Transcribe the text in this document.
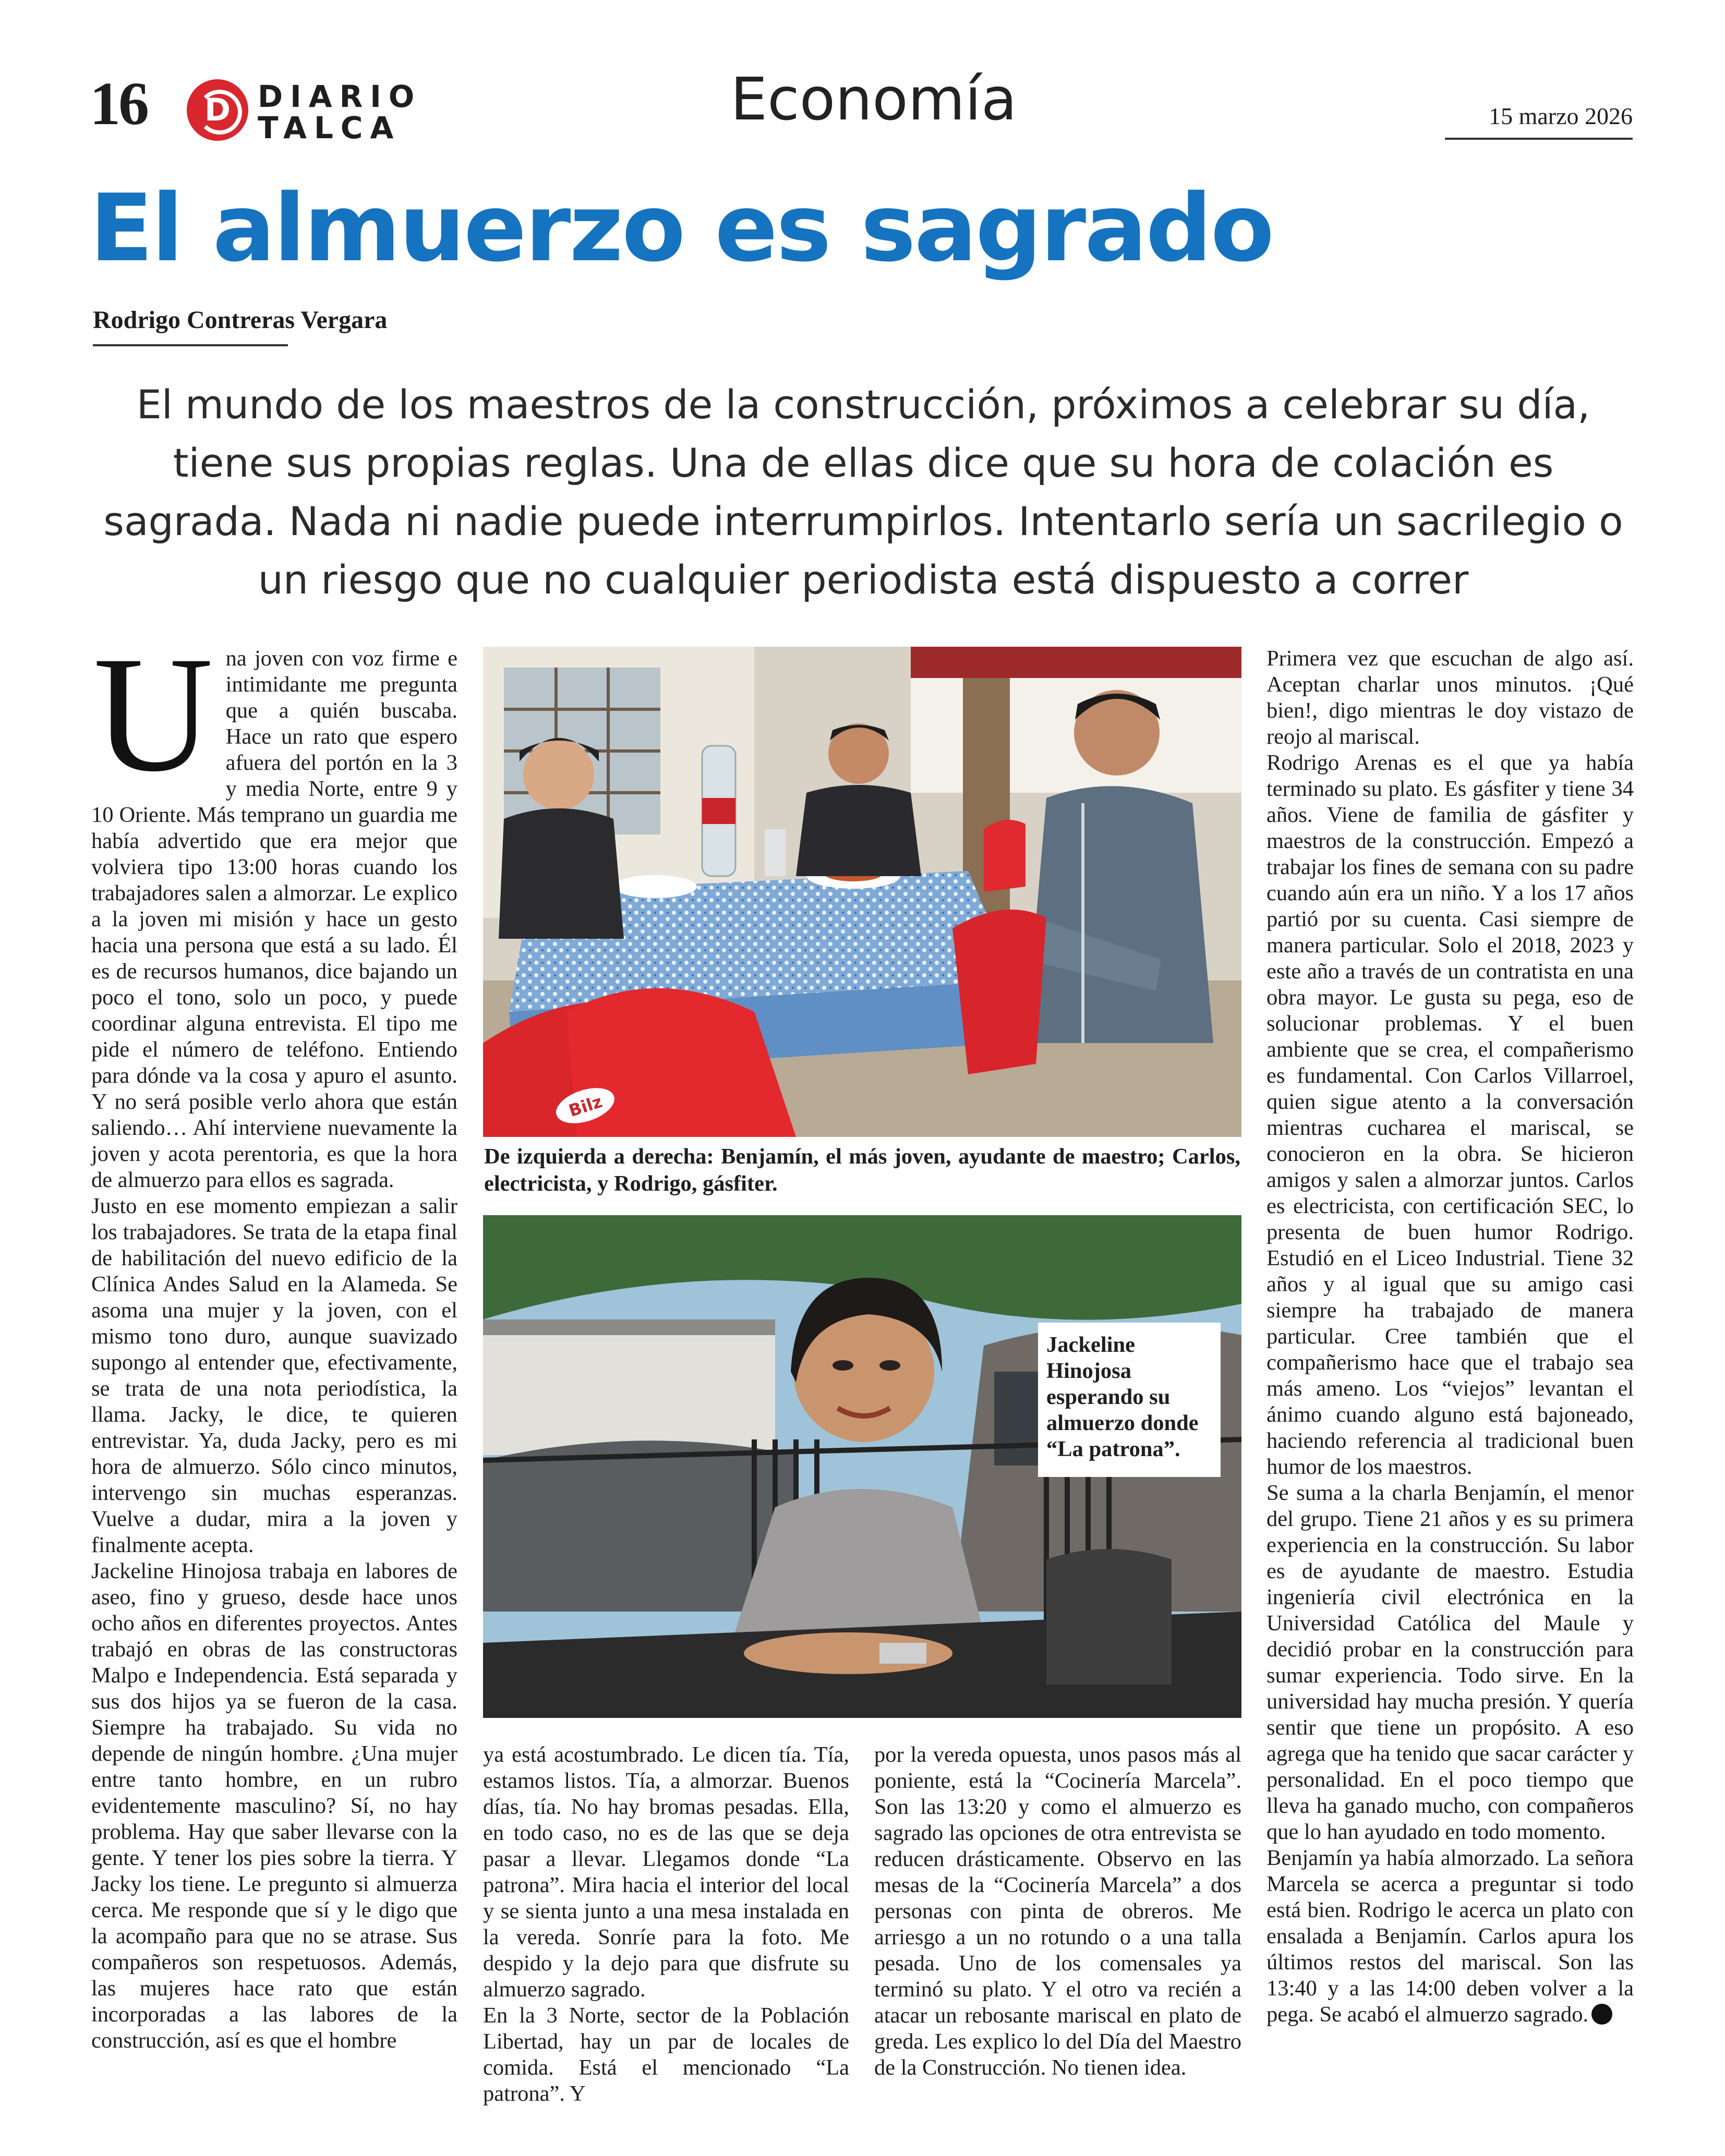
16	D DIARIO
TALCA	Economía	15 marzo 2026
El almuerzo es sagrado
Rodrigo Contreras Vergara

El mundo de los maestros de la construcción, próximos a celebrar su día, tiene sus propias reglas. Una de ellas dice que su hora de colación es sagrada. Nada ni nadie puede interrumpirlos. Intentarlo sería un sacrilegio o un riesgo que no cualquier periodista está dispuesto a correr

Una joven con voz firme e intimidante me pregunta que a quién buscaba. Hace un rato que espero afuera del portón en la 3 y media Norte, entre 9 y 10 Oriente. Más temprano un guardia me había advertido que era mejor que volviera tipo 13:00 horas cuando los trabajadores salen a almorzar. Le explico a la joven mi misión y hace un gesto hacia una persona que está a su lado. Él es de recursos humanos, dice bajando un poco el tono, solo un poco, y puede coordinar alguna entrevista. El tipo me pide el número de teléfono. Entiendo para dónde va la cosa y apuro el asunto. Y no será posible verlo ahora que están saliendo… Ahí interviene nuevamente la joven y acota perentoria, es que la hora de almuerzo para ellos es sagrada.

Justo en ese momento empiezan a salir los trabajadores. Se trata de la etapa final de habilitación del nuevo edificio de la Clínica Andes Salud en la Alameda. Se asoma una mujer y la joven, con el mismo tono duro, aunque suavizado supongo al entender que, efectivamente, se trata de una nota periodística, la llama. Jacky, le dice, te quieren entrevistar. Ya, duda Jacky, pero es mi hora de almuerzo. Sólo cinco minutos, intervengo sin muchas esperanzas. Vuelve a dudar, mira a la joven y finalmente acepta.

Jackeline Hinojosa trabaja en labores de aseo, fino y grueso, desde hace unos ocho años en diferentes proyectos. Antes trabajó en obras de las constructoras Malpo e Independencia. Está separada y sus dos hijos ya se fueron de la casa. Siempre ha trabajado. Su vida no depende de ningún hombre. ¿Una mujer entre tanto hombre, en un rubro evidentemente masculino? Sí, no hay problema. Hay que saber llevarse con la gente. Y tener los pies sobre la tierra. Y Jacky los tiene. Le pregunto si almuerza cerca. Me responde que sí y le digo que la acompaño para que no se atrase. Sus compañeros son respetuosos. Además, las mujeres hace rato que están incorporadas a las labores de la construcción, así es que el hombre

Bilz

De izquierda a derecha: Benjamín, el más joven, ayudante de maestro; Carlos, electricista, y Rodrigo, gásfiter.

Jackeline Hinojosa esperando su almuerzo donde “La patrona”.

ya está acostumbrado. Le dicen tía. Tía, estamos listos. Tía, a almorzar. Buenos días, tía. No hay bromas pesadas. Ella, en todo caso, no es de las que se deja pasar a llevar. Llegamos donde “La patrona”. Mira hacia el interior del local y se sienta junto a una mesa instalada en la vereda. Sonríe para la foto. Me despido y la dejo para que disfrute su almuerzo sagrado.

En la 3 Norte, sector de la Población Libertad, hay un par de locales de comida. Está el mencionado “La patrona”. Y

por la vereda opuesta, unos pasos más al poniente, está la “Cocinería Marcela”. Son las 13:20 y como el almuerzo es sagrado las opciones de otra entrevista se reducen drásticamente. Observo en las mesas de la “Cocinería Marcela” a dos personas con pinta de obreros. Me arriesgo a un no rotundo o a una talla pesada. Uno de los comensales ya terminó su plato. Y el otro va recién a atacar un rebosante mariscal en plato de greda. Les explico lo del Día del Maestro de la Construcción. No tienen idea.

Primera vez que escuchan de algo así. Aceptan charlar unos minutos. ¡Qué bien!, digo mientras le doy vistazo de reojo al mariscal.

Rodrigo Arenas es el que ya había terminado su plato. Es gásfiter y tiene 34 años. Viene de familia de gásfiter y maestros de la construcción. Empezó a trabajar los fines de semana con su padre cuando aún era un niño. Y a los 17 años partió por su cuenta. Casi siempre de manera particular. Solo el 2018, 2023 y este año a través de un contratista en una obra mayor. Le gusta su pega, eso de solucionar problemas. Y el buen ambiente que se crea, el compañerismo es fundamental. Con Carlos Villarroel, quien sigue atento a la conversación mientras cucharea el mariscal, se conocieron en la obra. Se hicieron amigos y salen a almorzar juntos. Carlos es electricista, con certificación SEC, lo presenta de buen humor Rodrigo. Estudió en el Liceo Industrial. Tiene 32 años y al igual que su amigo casi siempre ha trabajado de manera particular. Cree también que el compañerismo hace que el trabajo sea más ameno. Los “viejos” levantan el ánimo cuando alguno está bajoneado, haciendo referencia al tradicional buen humor de los maestros.

Se suma a la charla Benjamín, el menor del grupo. Tiene 21 años y es su primera experiencia en la construcción. Su labor es de ayudante de maestro. Estudia ingeniería civil electrónica en la Universidad Católica del Maule y decidió probar en la construcción para sumar experiencia. Todo sirve. En la universidad hay mucha presión. Y quería sentir que tiene un propósito. A eso agrega que ha tenido que sacar carácter y personalidad. En el poco tiempo que lleva ha ganado mucho, con compañeros que lo han ayudado en todo momento.

Benjamín ya había almorzado. La señora Marcela se acerca a preguntar si todo está bien. Rodrigo le acerca un plato con ensalada a Benjamín. Carlos apura los últimos restos del mariscal. Son las 13:40 y a las 14:00 deben volver a la pega. Se acabó el almuerzo sagrado.
